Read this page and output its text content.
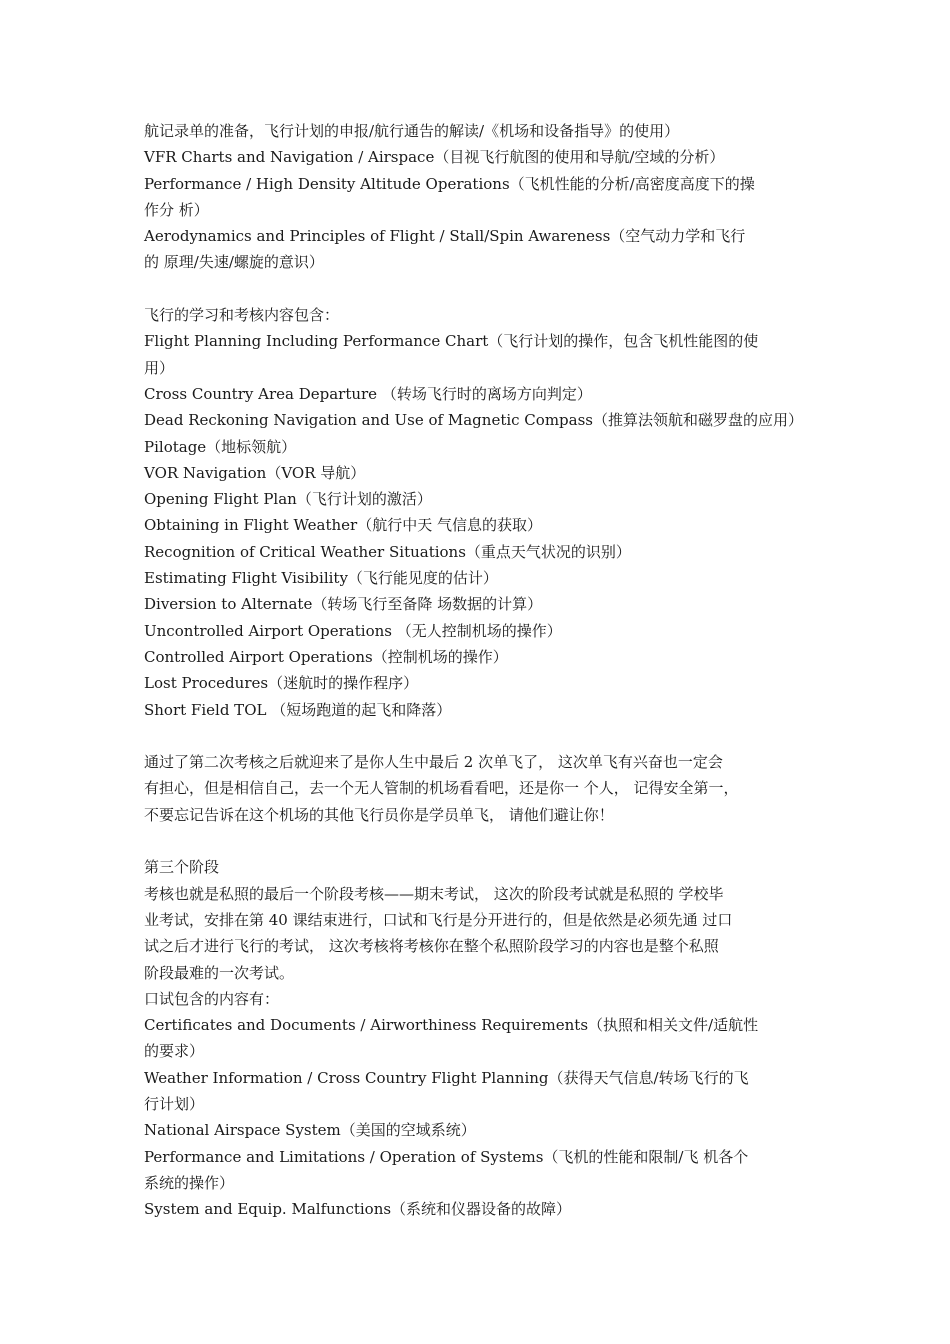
航记录单的准备，飞行计划的申报/航行通告的解读/《机场和设备指导》的使用）

VFR Charts and Navigation / Airspace（目视飞行航图的使用和导航/空域的分析）

Performance / High Density Altitude Operations（飞机性能的分析/高密度高度下的操

作分 析）

Aerodynamics and Principles of Flight / Stall/Spin Awareness（空气动力学和飞行

的 原理/失速/螺旋的意识）

飞行的学习和考核内容包含：

Flight Planning Including Performance Chart（飞行计划的操作，包含飞机性能图的使

用）

Cross Country Area Departure （转场飞行时的离场方向判定）

Dead Reckoning Navigation and Use of Magnetic Compass（推算法领航和磁罗盘的应用）

Pilotage（地标领航）

VOR Navigation（VOR 导航）

Opening Flight Plan（飞行计划的激活）

Obtaining in Flight Weather（航行中天 气信息的获取）

Recognition of Critical Weather Situations（重点天气状况的识别）

Estimating Flight Visibility（飞行能见度的估计）

Diversion to Alternate（转场飞行至备降 场数据的计算）

Uncontrolled Airport Operations （无人控制机场的操作）

Controlled Airport Operations（控制机场的操作）

Lost Procedures（迷航时的操作程序）

Short Field TOL （短场跑道的起飞和降落）

通过了第二次考核之后就迎来了是你人生中最后 2 次单飞了， 这次单飞有兴奋也一定会

有担心，但是相信自己，去一个无人管制的机场看看吧，还是你一 个人， 记得安全第一，

不要忘记告诉在这个机场的其他飞行员你是学员单飞， 请他们避让你！

第三个阶段

考核也就是私照的最后一个阶段考核——期末考试， 这次的阶段考试就是私照的 学校毕

业考试，安排在第 40 课结束进行，口试和飞行是分开进行的，但是依然是必须先通 过口

试之后才进行飞行的考试， 这次考核将考核你在整个私照阶段学习的内容也是整个私照

阶段最难的一次考试。

口试包含的内容有：

Certificates and Documents / Airworthiness Requirements（执照和相关文件/适航性

的要求）

Weather Information / Cross Country Flight Planning（获得天气信息/转场飞行的飞

行计划）

National Airspace System（美国的空域系统）

Performance and Limitations / Operation of Systems（飞机的性能和限制/飞 机各个

系统的操作）

System and Equip. Malfunctions（系统和仪器设备的故障）
